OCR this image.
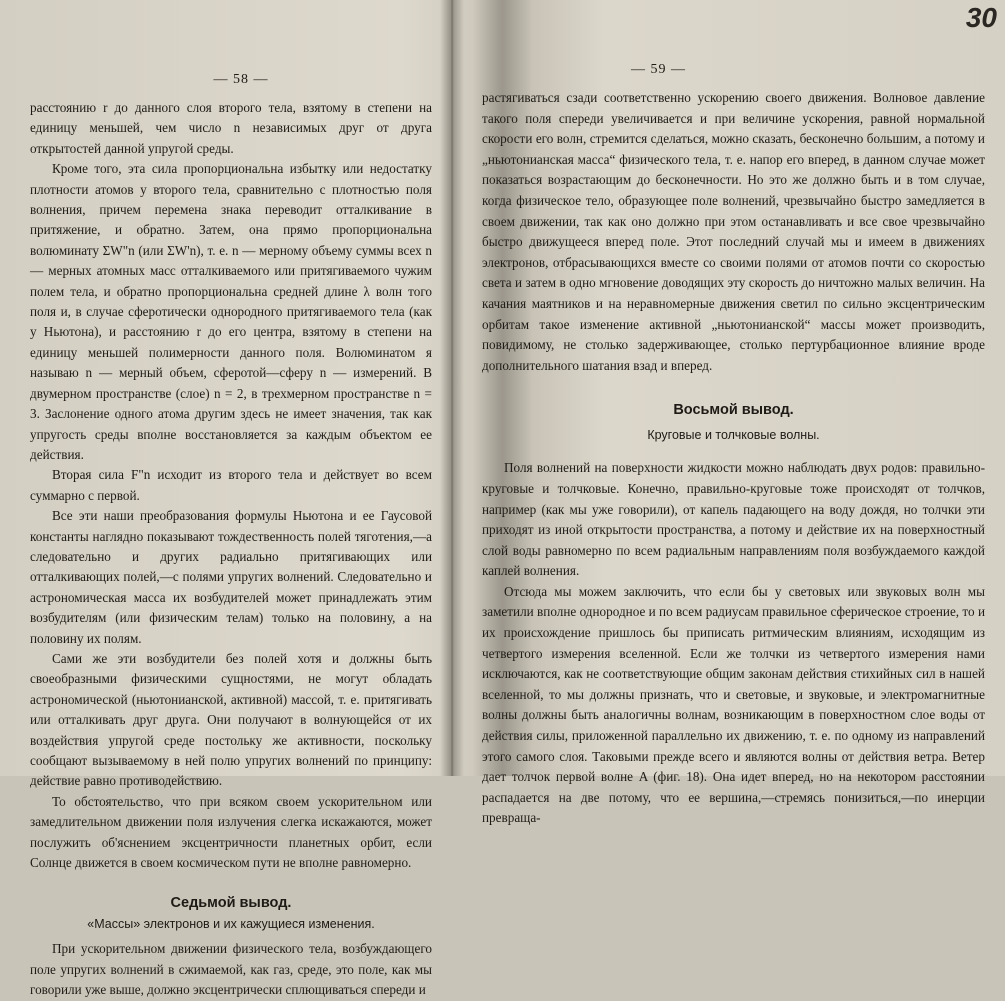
30
— 58 —

расстоянию r до данного слоя второго тела, взятому в степени на единицу меньшей, чем число n независимых друг от друга открытостей данной упругой среды.

Кроме того, эта сила пропорциональна избытку или недостатку плотности атомов у второго тела, сравнительно с плотностью поля волнения, причем перемена знака переводит отталкивание в притяжение, и обратно. Затем, она прямо пропорциональна волюминату ΣW"n (или ΣW'n), т. е. n — мерному объему суммы всех n — мерных атомных масс отталкиваемого или притягиваемого чужим полем тела, и обратно пропорциональна средней длине λ волн того поля и, в случае сферотически однородного притягиваемого тела (как у Ньютона), и расстоянию r до его центра, взятому в степени на единицу меньшей полимерности данного поля. Волюминатом я называю n — мерный объем, сферотой—сферу n — измерений. В двумерном пространстве (слое) n = 2, в трехмерном пространстве n = 3. Заслонение одного атома другим здесь не имеет значения, так как упругость среды вполне восстановляется за каждым объектом ее действия.

Вторая сила F"n исходит из второго тела и действует во всем суммарно с первой.

Все эти наши преобразования формулы Ньютона и ее Гаусовой константы наглядно показывают тождественность полей тяготения,—а следовательно и других радиально притягивающих или отталкивающих полей,—с полями упругих волнений. Следовательно и астрономическая масса их возбудителей может принадлежать этим возбудителям (или физическим телам) только на половину, а на половину их полям.

Сами же эти возбудители без полей хотя и должны быть своеобразными физическими сущностями, не могут обладать астрономической (ньютонианской, активной) массой, т. е. притягивать или отталкивать друг друга. Они получают в волнующейся от их воздействия упругой среде постольку же активности, поскольку сообщают вызываемому в ней полю упругих волнений по принципу: действие равно противодействию.

То обстоятельство, что при всяком своем ускорительном или замедлительном движении поля излучения слегка искажаются, может послужить об'яснением эксцентричности планетных орбит, если Солнце движется в своем космическом пути не вполне равномерно.

Седьмой вывод.
«Массы» электронов и их кажущиеся изменения.

При ускорительном движении физического тела, возбуждающего поле упругих волнений в сжимаемой, как газ, среде, это поле, как мы говорили уже выше, должно эксцентрически сплющиваться спереди и

— 59 —

растягиваться сзади соответственно ускорению своего движения. Волновое давление такого поля спереди увеличивается и при величине ускорения, равной нормальной скорости его волн, стремится сделаться, можно сказать, бесконечно большим, а потому и „ньютонианская масса“ физического тела, т. е. напор его вперед, в данном случае может показаться возрастающим до бесконечности. Но это же должно быть и в том случае, когда физическое тело, образующее поле волнений, чрезвычайно быстро замедляется в своем движении, так как оно должно при этом останавливать и все свое чрезвычайно быстро движущееся вперед поле. Этот последний случай мы и имеем в движениях электронов, отбрасывающихся вместе со своими полями от атомов почти со скоростью света и затем в одно мгновение доводящих эту скорость до ничтожно малых величин. На качания маятников и на неравномерные движения светил по сильно эксцентрическим орбитам такое изменение активной „ньютонианской“ массы может производить, повидимому, не столько задерживающее, столько пертурбационное влияние вроде дополнительного шатания взад и вперед.

Восьмой вывод.
Круговые и толчковые волны.

Поля волнений на поверхности жидкости можно наблюдать двух родов: правильно-круговые и толчковые. Конечно, правильно-круговые тоже происходят от толчков, например (как мы уже говорили), от капель падающего на воду дождя, но толчки эти приходят из иной открытости пространства, а потому и действие их на поверхностный слой воды равномерно по всем радиальным направлениям поля возбуждаемого каждой каплей волнения.

Отсюда мы можем заключить, что если бы у световых или звуковых волн мы заметили вполне однородное и по всем радиусам правильное сферическое строение, то и их происхождение пришлось бы приписать ритмическим влияниям, исходящим из четвертого измерения вселенной. Если же толчки из четвертого измерения нами исключаются, как не соответствующие общим законам действия стихийных сил в нашей вселенной, то мы должны признать, что и световые, и звуковые, и электромагнитные волны должны быть аналогичны волнам, возникающим в поверхностном слое воды от действия силы, приложенной параллельно их движению, т. е. по одному из направлений этого самого слоя. Таковыми прежде всего и являются волны от действия ветра. Ветер дает толчок первой волне A (фиг. 18). Она идет вперед, но на некотором расстоянии распадается на две потому, что ее вершина,—стремясь понизиться,—по инерции превраща-
